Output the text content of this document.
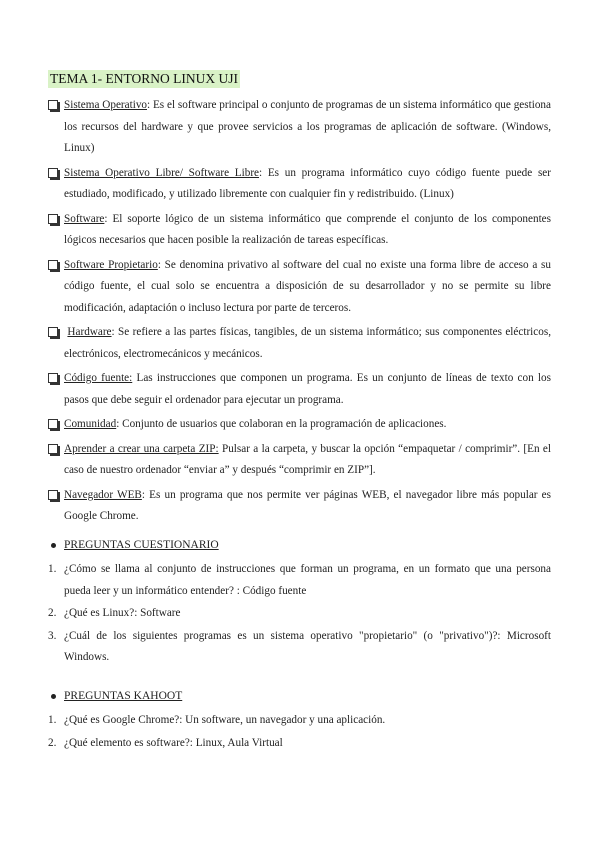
TEMA 1- ENTORNO LINUX UJI
Sistema Operativo: Es el software principal o conjunto de programas de un sistema informático que gestiona los recursos del hardware y que provee servicios a los programas de aplicación de software. (Windows, Linux)
Sistema Operativo Libre/ Software Libre: Es un programa informático cuyo código fuente puede ser estudiado, modificado, y utilizado libremente con cualquier fin y redistribuido. (Linux)
Software: El soporte lógico de un sistema informático que comprende el conjunto de los componentes lógicos necesarios que hacen posible la realización de tareas específicas.
Software Propietario: Se denomina privativo al software del cual no existe una forma libre de acceso a su código fuente, el cual solo se encuentra a disposición de su desarrollador y no se permite su libre modificación, adaptación o incluso lectura por parte de terceros.
Hardware: Se refiere a las partes físicas, tangibles, de un sistema informático; sus componentes eléctricos, electrónicos, electromecánicos y mecánicos.
Código fuente: Las instrucciones que componen un programa. Es un conjunto de líneas de texto con los pasos que debe seguir el ordenador para ejecutar un programa.
Comunidad: Conjunto de usuarios que colaboran en la programación de aplicaciones.
Aprender a crear una carpeta ZIP: Pulsar a la carpeta, y buscar la opción “empaquetar / comprimir”. [En el caso de nuestro ordenador “enviar a” y después “comprimir en ZIP”].
Navegador WEB: Es un programa que nos permite ver páginas WEB, el navegador libre más popular es Google Chrome.
PREGUNTAS CUESTIONARIO
1. ¿Cómo se llama al conjunto de instrucciones que forman un programa, en un formato que una persona pueda leer y un informático entender? : Código fuente
2. ¿Qué es Linux?: Software
3. ¿Cuál de los siguientes programas es un sistema operativo "propietario" (o "privativo")?: Microsoft Windows.
PREGUNTAS KAHOOT
1. ¿Qué es Google Chrome?: Un software, un navegador y una aplicación.
2. ¿Qué elemento es software?: Linux, Aula Virtual
